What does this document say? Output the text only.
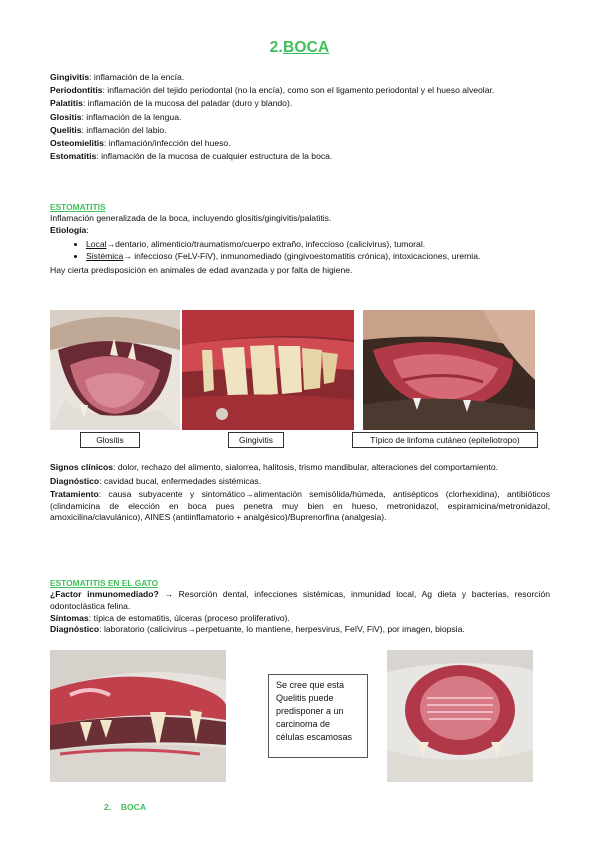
2.BOCA

Gingivitis: inflamación de la encía.

Periodontitis: inflamación del tejido periodontal (no la encía), como son el ligamento periodontal y el hueso alveolar.

Palatitis: inflamación de la mucosa del paladar (duro y blando).

Glositis: inflamación de la lengua.

Quelitis: inflamación del labio.

Osteomielitis: inflamación/infección del hueso.

Estomatitis: inflamación de la mucosa de cualquier estructura de la boca.

ESTOMATITIS

Inflamación generalizada de la boca, incluyendo glositis/gingivitis/palatitis.

Etiología:

• Local→dentario, alimenticio/traumatismo/cuerpo extraño, infeccioso (calicivirus), tumoral.
• Sistémica→ infeccioso (FeLV-FiV), inmunomediado (gingivoestomatitis crónica), intoxicaciones, uremia.

Hay cierta predisposición en animales de edad avanzada y por falta de higiene.

Glositis	Gingivitis	Típico de linfoma cutáneo (epiteliotropo)

Signos clínicos: dolor, rechazo del alimento, sialorrea, halitosis, trismo mandibular, alteraciones del comportamiento.

Diagnóstico: cavidad bucal, enfermedades sistémicas.

Tratamiento: causa subyacente y sintomático→alimentación semisólida/húmeda, antisépticos (clorhexidina), antibióticos (clindamicina de elección en boca pues penetra muy bien en hueso, metronidazol, espiramicina/metronidazol, amoxicilina/clavulánico), AINES (antiinflamatorio + analgésico)/Buprenorfina (analgesia).

ESTOMATITIS EN EL GATO

¿Factor inmunomediado? → Resorción dental, infecciones sistémicas, inmunidad local, Ag dieta y bacterias, resorción odontoclástica felina.

Síntomas: típica de estomatitis, úlceras (proceso proliferativo).

Diagnóstico: laboratorio (calicivirus→perpetuante, lo mantiene, herpesvirus, FeIV, FiV), por imagen, biopsia.

Se cree que esta Quelitis puede predisponer a un carcinoma de células escamosas
2. BOCA
